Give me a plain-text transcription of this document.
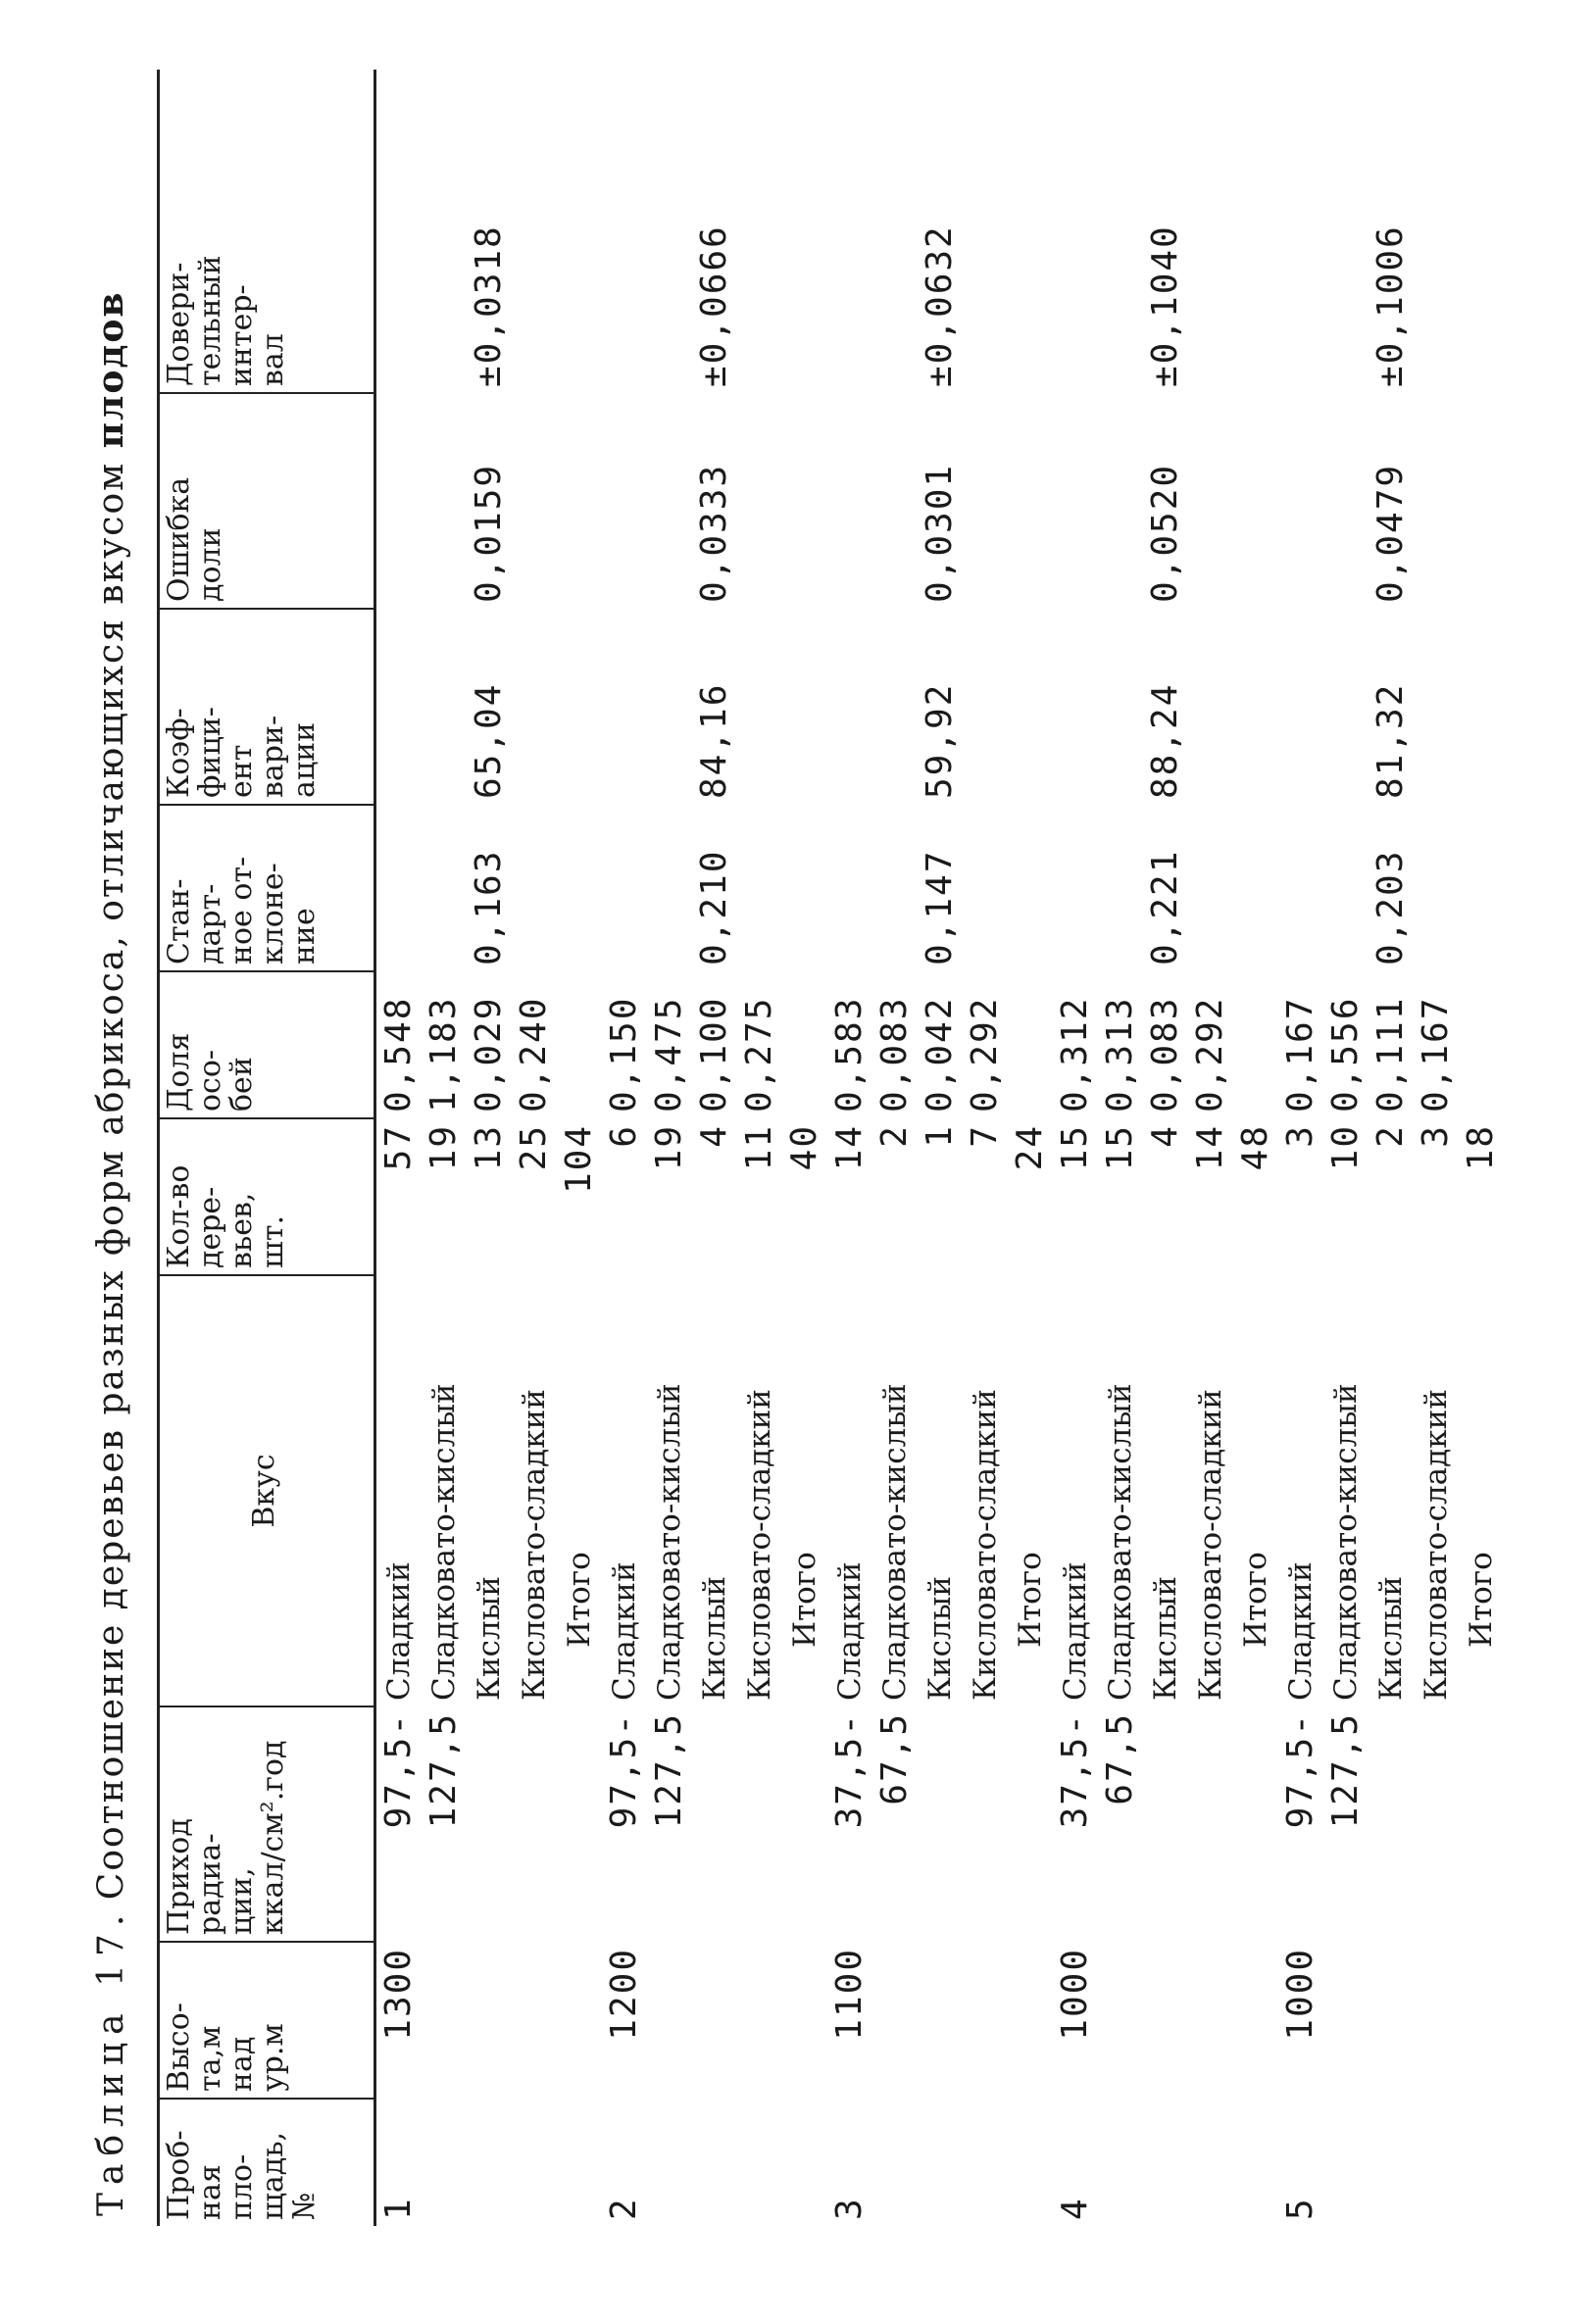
Таблица 17. Соотношение деревьев разных форм абрикоса, отличающихся вкусом плодов
Проб-
ная
пло-
щадь, №	Высо-
та,м
над
ур.м	Приход
радиа-
ции,
ккал/см².год	Вкус	Кол-во
дере-
вьев,
шт.	Доля
осо-
бей	Стан-
дарт-
ное от-
клоне-
ние	Коэф-
фици-
ент
вари-
ации	Ошибка
доли	Довери-
тельный
интер-
вал
1	1300	97,5-	Сладкий	57	0,548	0,163	65,04	0,0159	±0,0318
		127,5	Сладковато-кислый	19	1,183				
			Кислый	13	0,029				
			Кисловато-сладкий	25	0,240				
			Итого	104					
2	1200	97,5-	Сладкий	6	0,150	0,210	84,16	0,0333	±0,0666
		127,5	Сладковато-кислый	19	0,475				
			Кислый	4	0,100				
			Кисловато-сладкий	11	0,275				
			Итого	40					
3	1100	37,5-	Сладкий	14	0,583	0,147	59,92	0,0301	±0,0632
		67,5	Сладковато-кислый	2	0,083				
			Кислый	1	0,042				
			Кисловато-сладкий	7	0,292				
			Итого	24					
4	1000	37,5-	Сладкий	15	0,312	0,221	88,24	0,0520	±0,1040
		67,5	Сладковато-кислый	15	0,313				
			Кислый	4	0,083				
			Кисловато-сладкий	14	0,292				
			Итого	48					
5	1000	97,5-	Сладкий	3	0,167	0,203	81,32	0,0479	±0,1006
		127,5	Сладковато-кислый	10	0,556				
			Кислый	2	0,111				
			Кисловато-сладкий	3	0,167				
			Итого	18					
